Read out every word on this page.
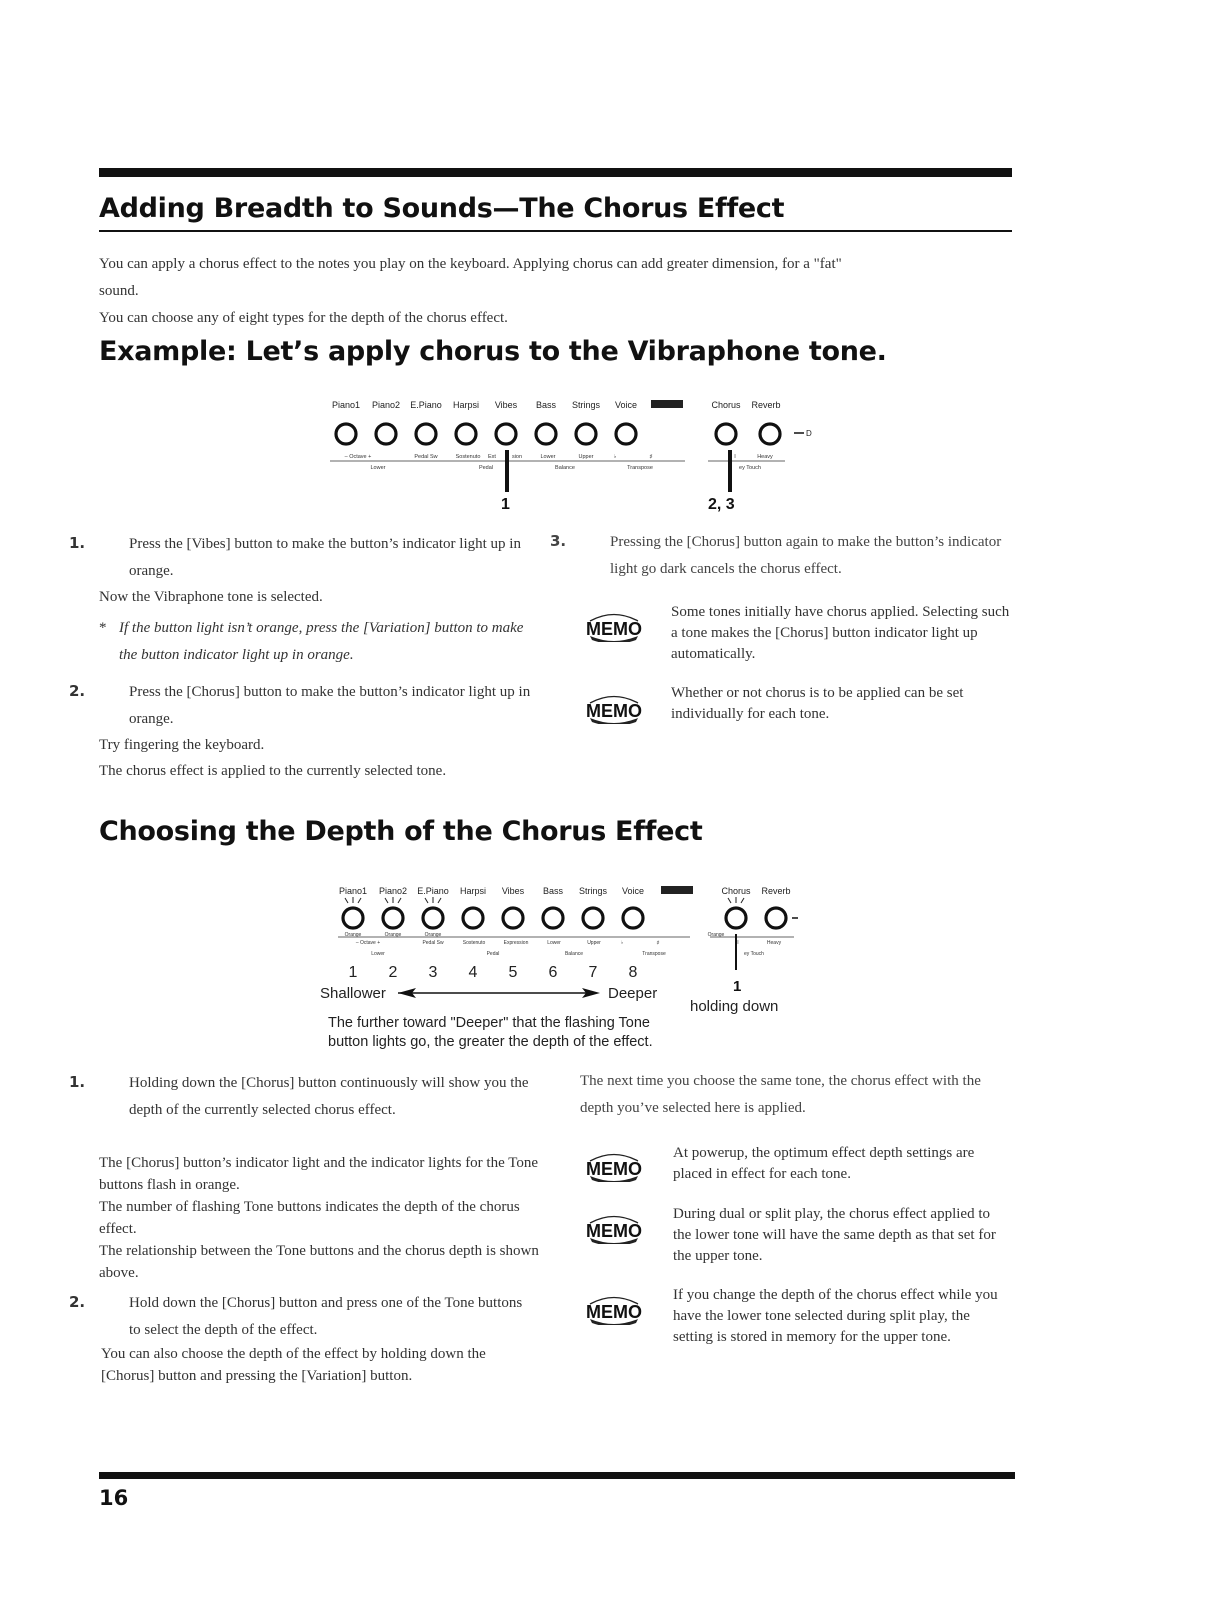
Adding Breadth to Sounds—The Chorus Effect
You can apply a chorus effect to the notes you play on the keyboard. Applying chorus can add greater dimension, for a "fat"
sound.
You can choose any of eight types for the depth of the chorus effect.
Example: Let’s apply chorus to the Vibraphone tone.
Piano1 Piano2 E.Piano Harpsi Vibes Bass Strings Voice	Chorus Reverb
D
– Octave +	Pedal Sw	Sostenuto Ext	sion	Lower	Upper	♭	♯
Lower	Pedal	Balance	Transpose
I	Heavy
ey Touch
1	2, 3
1.	Press the [Vibes] button to make the button’s indicator light up in orange.
Now the Vibraphone tone is selected.
* If the button light isn’t orange, press the [Variation] button to make the button indicator light up in orange.
2.	Press the [Chorus] button to make the button’s indicator light up in orange.
Try fingering the keyboard.
The chorus effect is applied to the currently selected tone.
3.	Pressing the [Chorus] button again to make the button’s indicator light go dark cancels the chorus effect.
MEMO
Some tones initially have chorus applied. Selecting such a tone makes the [Chorus] button indicator light up automatically.
MEMO
Whether or not chorus is to be applied can be set individually for each tone.
Choosing the Depth of the Chorus Effect
Piano1 Piano2 E.Piano Harpsi Vibes Bass Strings Voice	Chorus Reverb
Orange	Orange	Orange	Orange
– Octave +	Pedal Sw	Sostenuto	Expression	Lower	Upper	♭	♯
Lower	Pedal	Balance	Transpose
I	Heavy
ey Touch
1 2 3 4 5 6 7 8
Shallower	Deeper	1
holding down
The further toward "Deeper" that the flashing Tone
button lights go, the greater the depth of the effect.
1.	Holding down the [Chorus] button continuously will show you the depth of the currently selected chorus effect.
The [Chorus] button’s indicator light and the indicator lights for the Tone buttons flash in orange.
The number of flashing Tone buttons indicates the depth of the chorus effect.
The relationship between the Tone buttons and the chorus depth is shown above.
2.	Hold down the [Chorus] button and press one of the Tone buttons to select the depth of the effect.
You can also choose the depth of the effect by holding down the [Chorus] button and pressing the [Variation] button.
The next time you choose the same tone, the chorus effect with the depth you’ve selected here is applied.
MEMO
At powerup, the optimum effect depth settings are placed in effect for each tone.
MEMO
During dual or split play, the chorus effect applied to the lower tone will have the same depth as that set for the upper tone.
MEMO
If you change the depth of the chorus effect while you have the lower tone selected during split play, the setting is stored in memory for the upper tone.
16
